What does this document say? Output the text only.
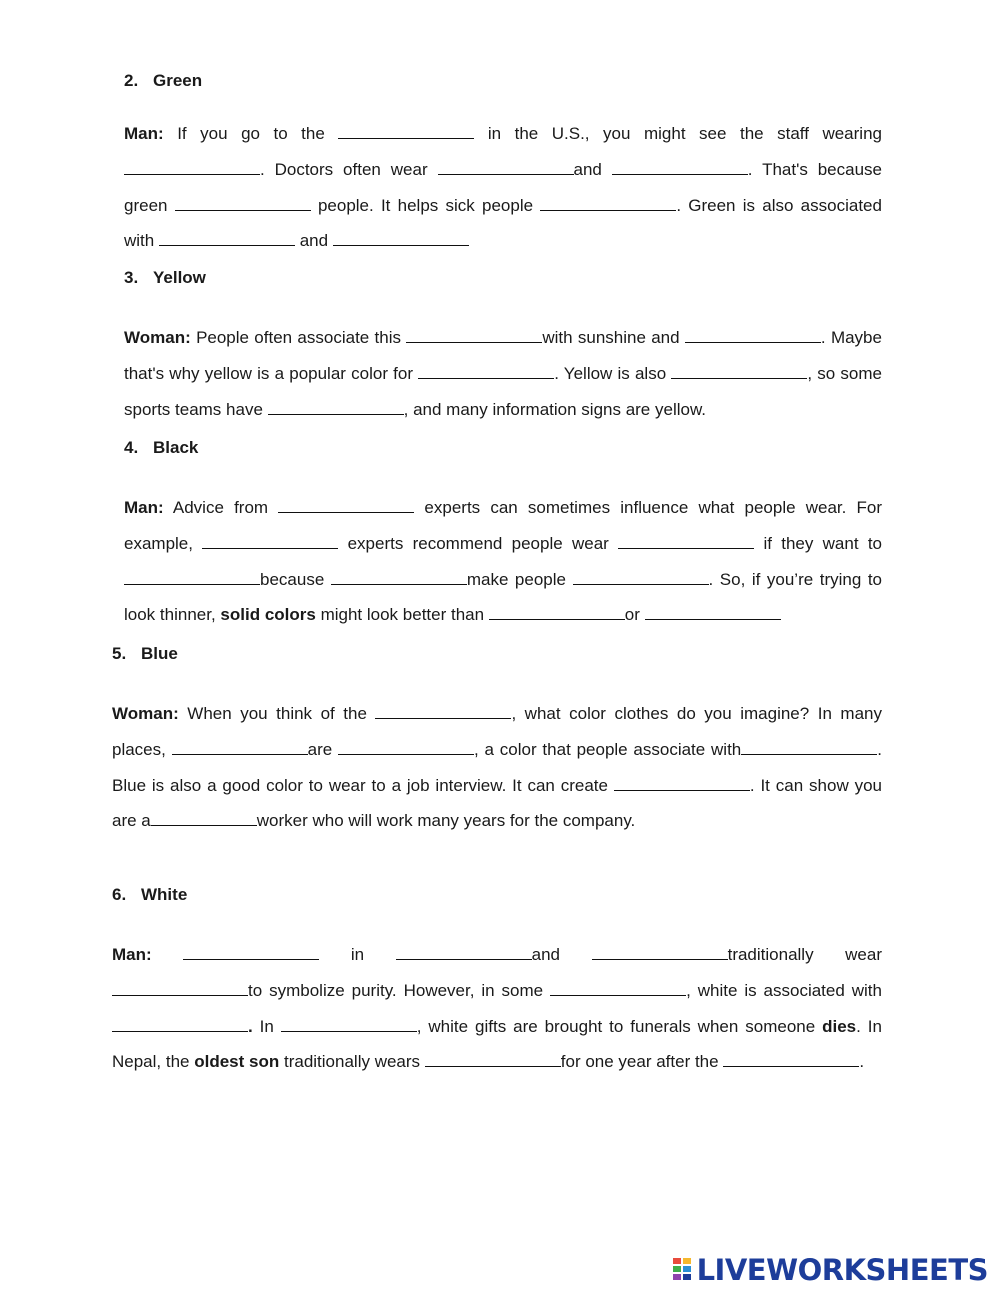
2. Green

Man: If you go to the	in the U.S., you might see the staff wearing . Doctors often wear	and	. That's because green	people. It helps sick people	. Green is also associated with	and

3. Yellow

Woman: People often associate this	with sunshine and	. Maybe that's why yellow is a popular color for	. Yellow is also	, so some sports teams have	, and many information signs are yellow.

4. Black

Man: Advice from	experts can sometimes influence what people wear. For example,	experts recommend people wear	if they want to because	make people	. So, if you’re trying to look thinner, solid colors might look better than	or

5. Blue

Woman: When you think of the	, what color clothes do you imagine? In many places,	are	, a color that people associate with	. Blue is also a good color to wear to a job interview. It can create	. It can show you are a	worker who will work many years for the company.

6. White

Man:	in	and	traditionally wear to symbolize purity. However, in some	, white is associated with . In	, white gifts are brought to funerals when someone dies. In Nepal, the oldest son traditionally wears	for one year after the	.

LIVEWORKSHEETS
